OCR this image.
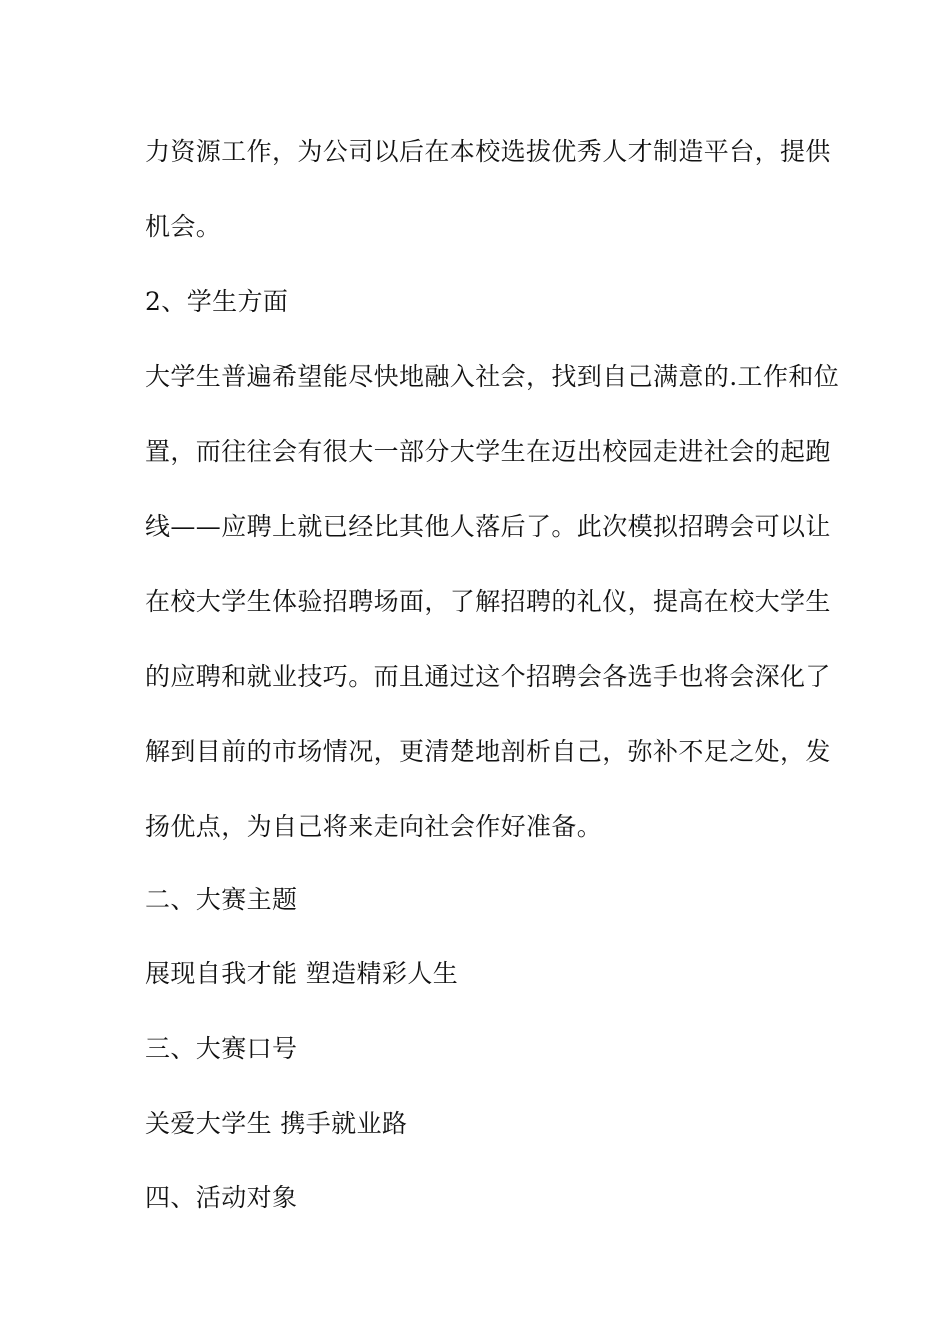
力资源工作，为公司以后在本校选拔优秀人才制造平台，提供
机会。
2、学生方面
大学生普遍希望能尽快地融入社会，找到自己满意的.工作和位
置，而往往会有很大一部分大学生在迈出校园走进社会的起跑
线——应聘上就已经比其他人落后了。此次模拟招聘会可以让
在校大学生体验招聘场面，了解招聘的礼仪，提高在校大学生
的应聘和就业技巧。而且通过这个招聘会各选手也将会深化了
解到目前的市场情况，更清楚地剖析自己，弥补不足之处，发
扬优点，为自己将来走向社会作好准备。
二、大赛主题
展现自我才能 塑造精彩人生
三、大赛口号
关爱大学生 携手就业路
四、活动对象
